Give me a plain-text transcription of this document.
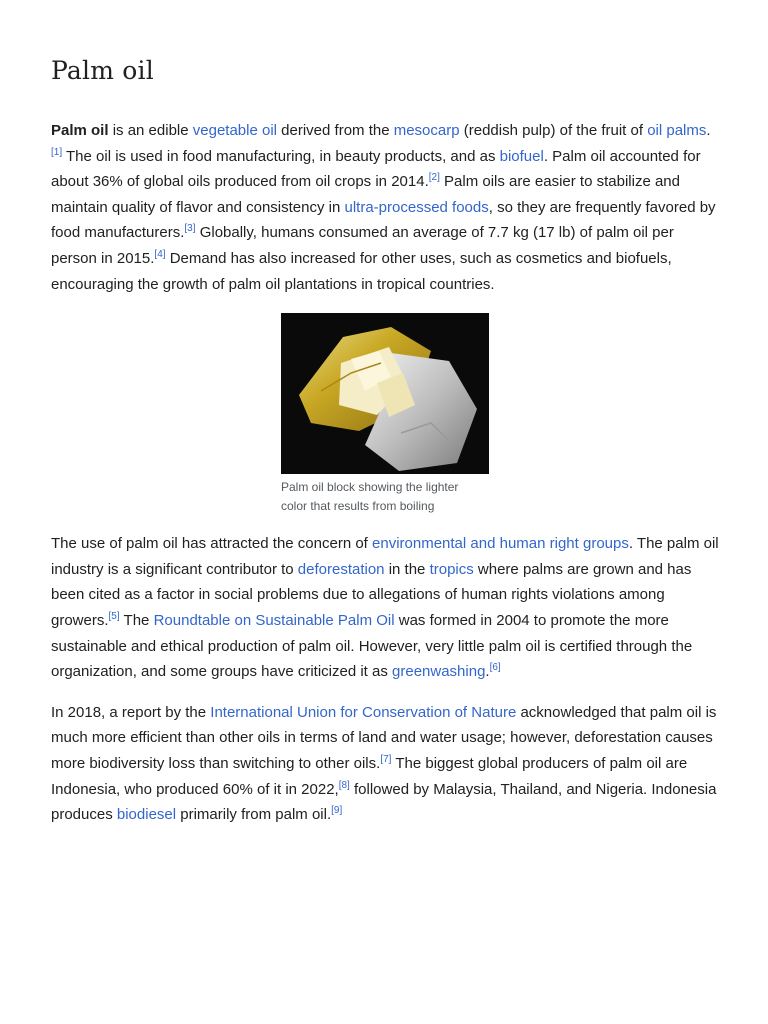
Palm oil

Palm oil is an edible vegetable oil derived from the mesocarp (reddish pulp) of the fruit of oil palms.[1] The oil is used in food manufacturing, in beauty products, and as biofuel. Palm oil accounted for about 36% of global oils produced from oil crops in 2014.[2] Palm oils are easier to stabilize and maintain quality of flavor and consistency in ultra-processed foods, so they are frequently favored by food manufacturers.[3] Globally, humans consumed an average of 7.7 kg (17 lb) of palm oil per person in 2015.[4] Demand has also increased for other uses, such as cosmetics and biofuels, encouraging the growth of palm oil plantations in tropical countries.

Palm oil block showing the lighter color that results from boiling

The use of palm oil has attracted the concern of environmental and human right groups. The palm oil industry is a significant contributor to deforestation in the tropics where palms are grown and has been cited as a factor in social problems due to allegations of human rights violations among growers.[5] The Roundtable on Sustainable Palm Oil was formed in 2004 to promote the more sustainable and ethical production of palm oil. However, very little palm oil is certified through the organization, and some groups have criticized it as greenwashing.[6]

In 2018, a report by the International Union for Conservation of Nature acknowledged that palm oil is much more efficient than other oils in terms of land and water usage; however, deforestation causes more biodiversity loss than switching to other oils.[7] The biggest global producers of palm oil are Indonesia, who produced 60% of it in 2022,[8] followed by Malaysia, Thailand, and Nigeria. Indonesia produces biodiesel primarily from palm oil.[9]
